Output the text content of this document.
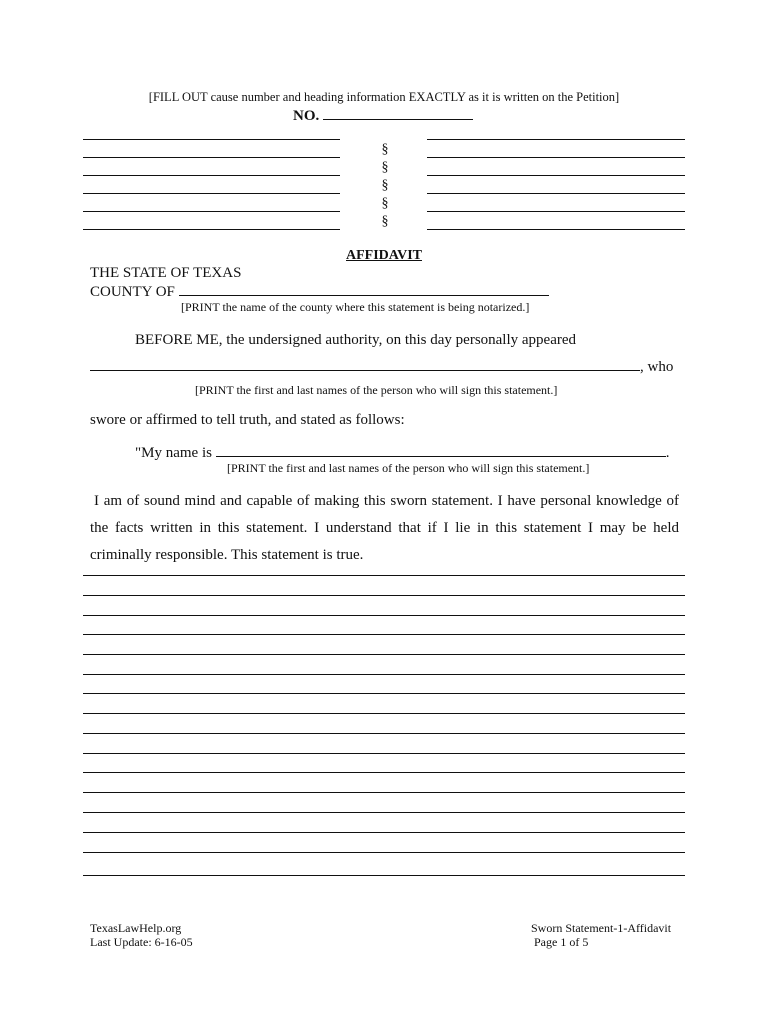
[FILL OUT cause number and heading information EXACTLY as it is written on the Petition]
NO.
§
§
§
§
§
AFFIDAVIT
THE STATE OF TEXAS
COUNTY OF
[PRINT the name of the county where this statement is being notarized.]
BEFORE ME, the undersigned authority, on this day personally appeared
, who
[PRINT the first and last names of the person who will sign this statement.]
swore or affirmed to tell truth, and stated as follows:
"My name is	.
[PRINT the first and last names of the person who will sign this statement.]
I am of sound mind and capable of making this sworn statement. I have personal knowledge of the facts written in this statement. I understand that if I lie in this statement I may be held criminally responsible. This statement is true.
TexasLawHelp.org
Last Update: 6-16-05
Sworn Statement-1-Affidavit
Page 1 of 5
